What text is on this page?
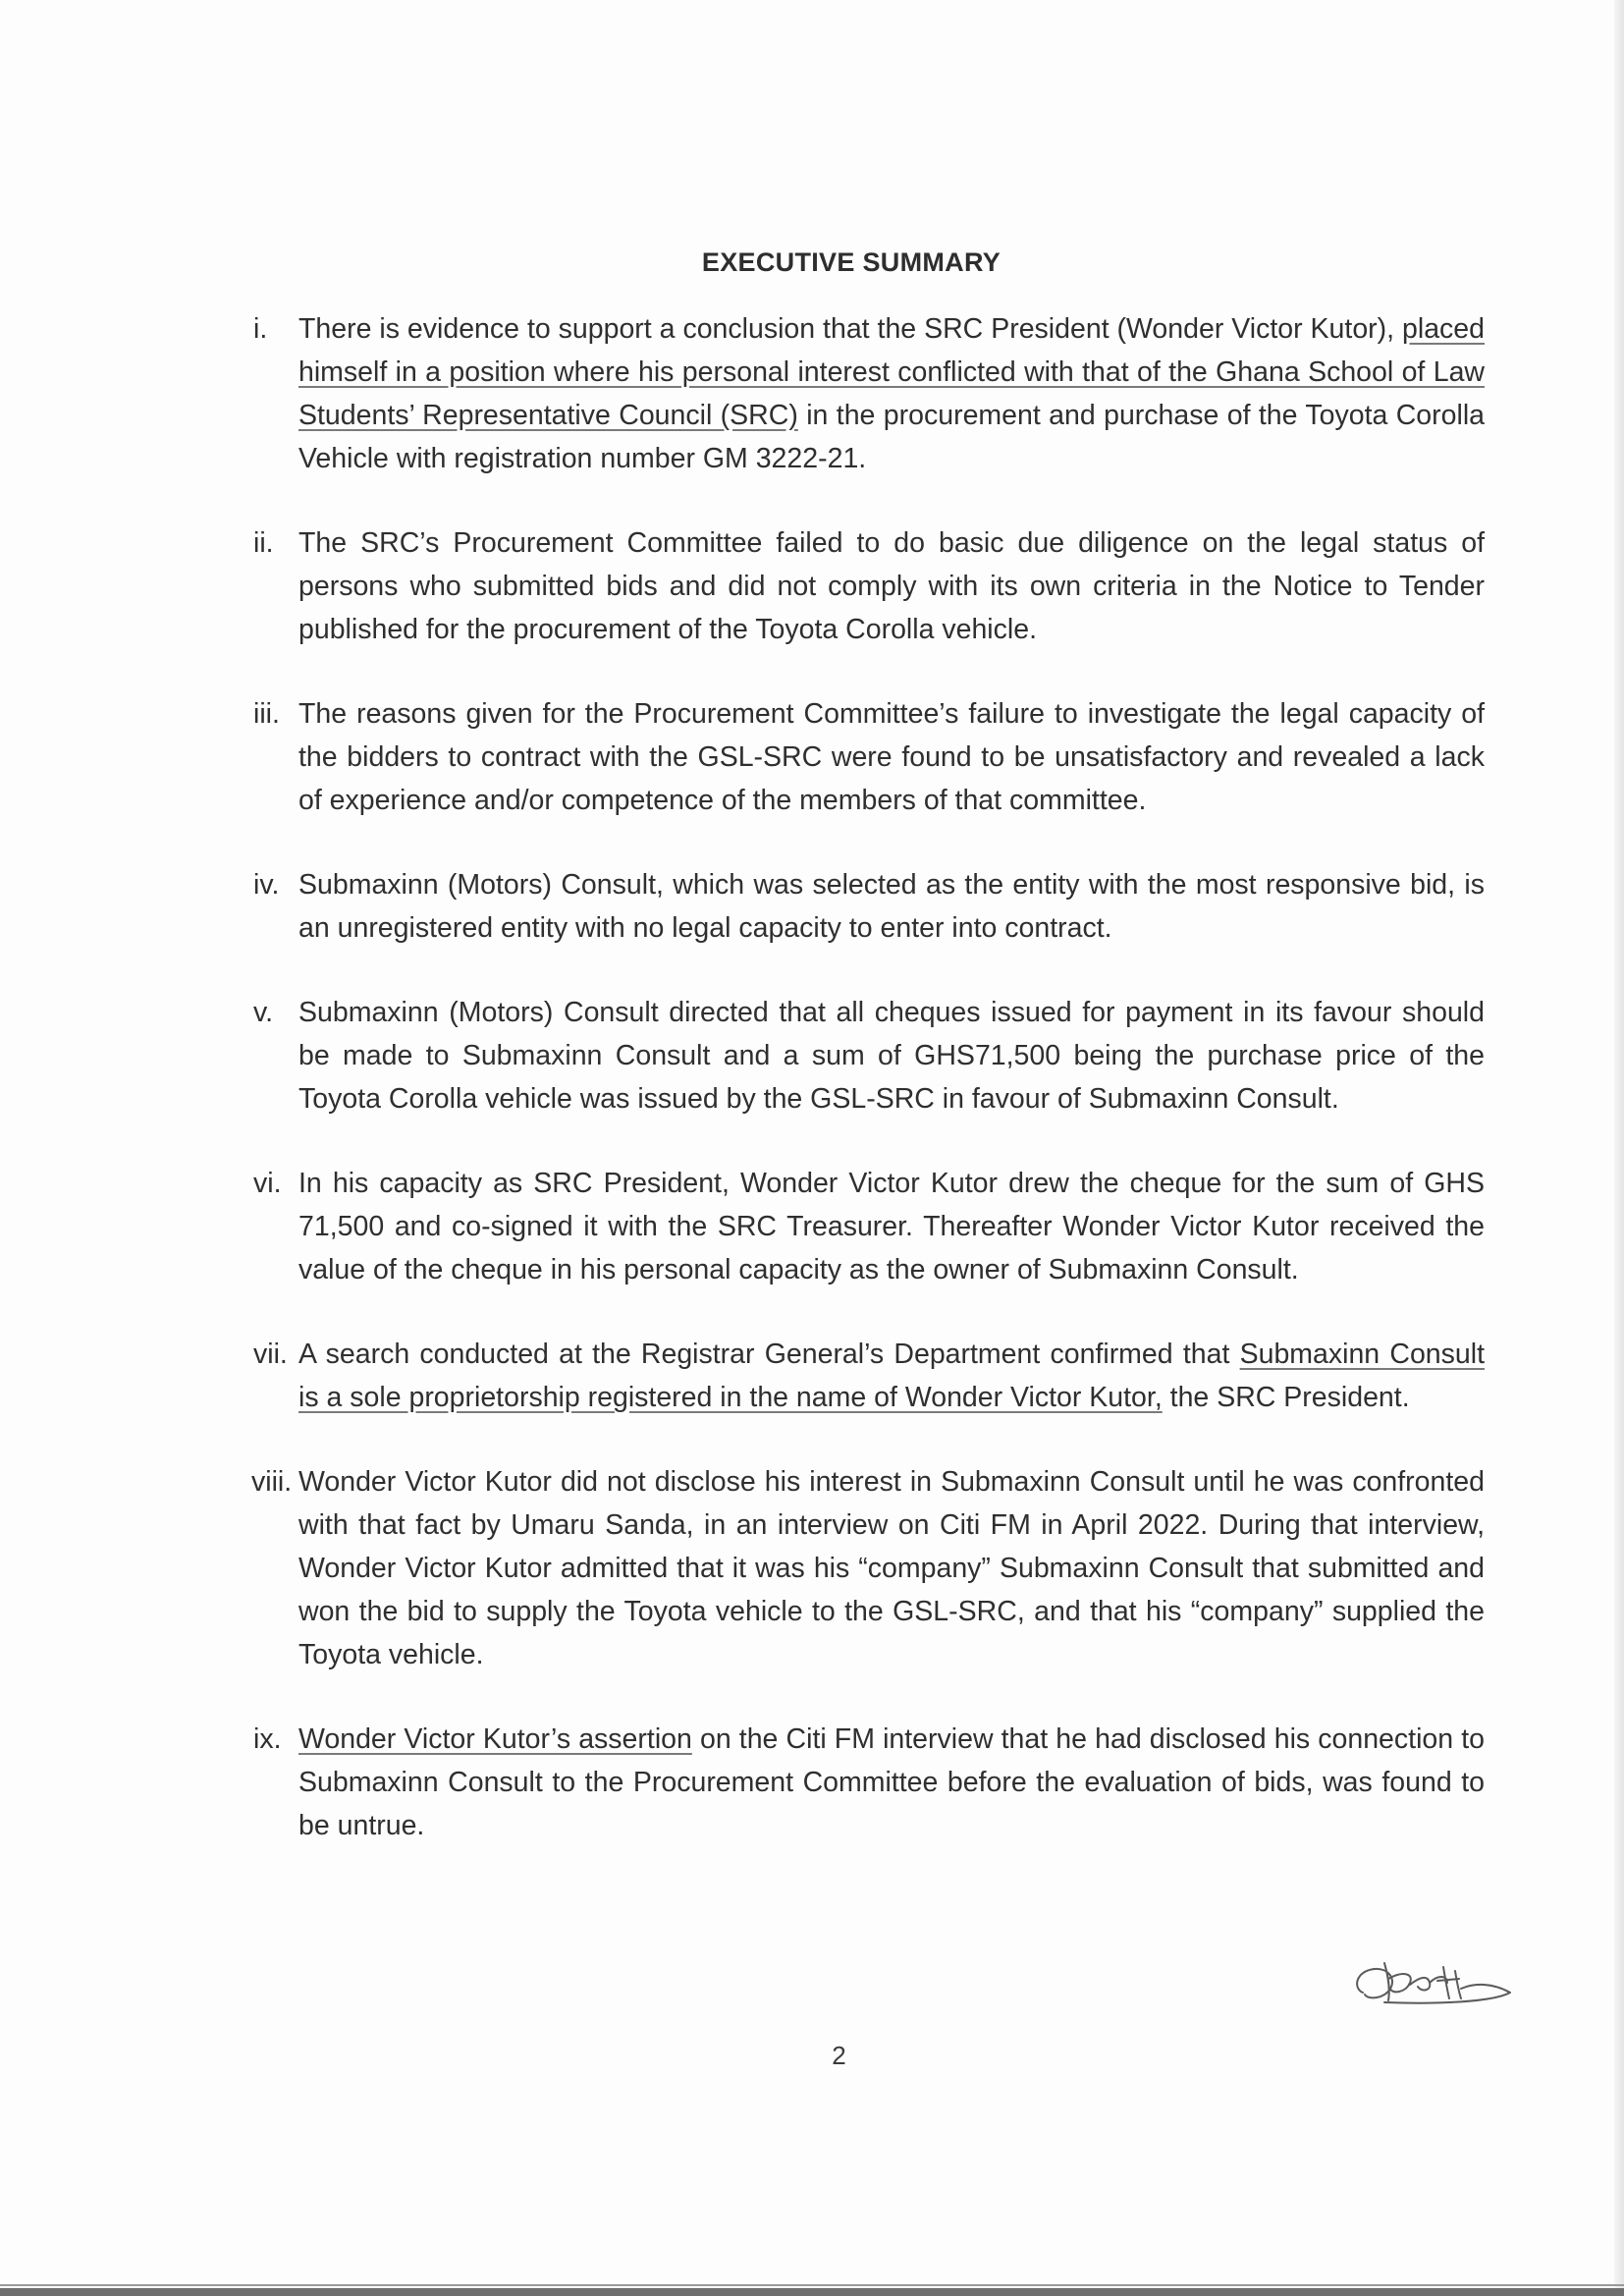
EXECUTIVE SUMMARY
i.	There is evidence to support a conclusion that the SRC President (Wonder Victor Kutor), placed himself in a position where his personal interest conflicted with that of the Ghana School of Law Students’ Representative Council (SRC) in the procurement and purchase of the Toyota Corolla Vehicle with registration number GM 3222-21.
ii. The SRC’s Procurement Committee failed to do basic due diligence on the legal status of persons who submitted bids and did not comply with its own criteria in the Notice to Tender published for the procurement of the Toyota Corolla vehicle.
iii. The reasons given for the Procurement Committee’s failure to investigate the legal capacity of the bidders to contract with the GSL-SRC were found to be unsatisfactory and revealed a lack of experience and/or competence of the members of that committee.
iv. Submaxinn (Motors) Consult, which was selected as the entity with the most responsive bid, is an unregistered entity with no legal capacity to enter into contract.
v. Submaxinn (Motors) Consult directed that all cheques issued for payment in its favour should be made to Submaxinn Consult and a sum of GHS71,500 being the purchase price of the Toyota Corolla vehicle was issued by the GSL-SRC in favour of Submaxinn Consult.
vi. In his capacity as SRC President, Wonder Victor Kutor drew the cheque for the sum of GHS 71,500 and co-signed it with the SRC Treasurer. Thereafter Wonder Victor Kutor received the value of the cheque in his personal capacity as the owner of Submaxinn Consult.
vii. A search conducted at the Registrar General’s Department confirmed that Submaxinn Consult is a sole proprietorship registered in the name of Wonder Victor Kutor, the SRC President.
viii. Wonder Victor Kutor did not disclose his interest in Submaxinn Consult until he was confronted with that fact by Umaru Sanda, in an interview on Citi FM in April 2022. During that interview, Wonder Victor Kutor admitted that it was his “company” Submaxinn Consult that submitted and won the bid to supply the Toyota vehicle to the GSL-SRC, and that his “company” supplied the Toyota vehicle.
ix. Wonder Victor Kutor’s assertion on the Citi FM interview that he had disclosed his connection to Submaxinn Consult to the Procurement Committee before the evaluation of bids, was found to be untrue.
2
